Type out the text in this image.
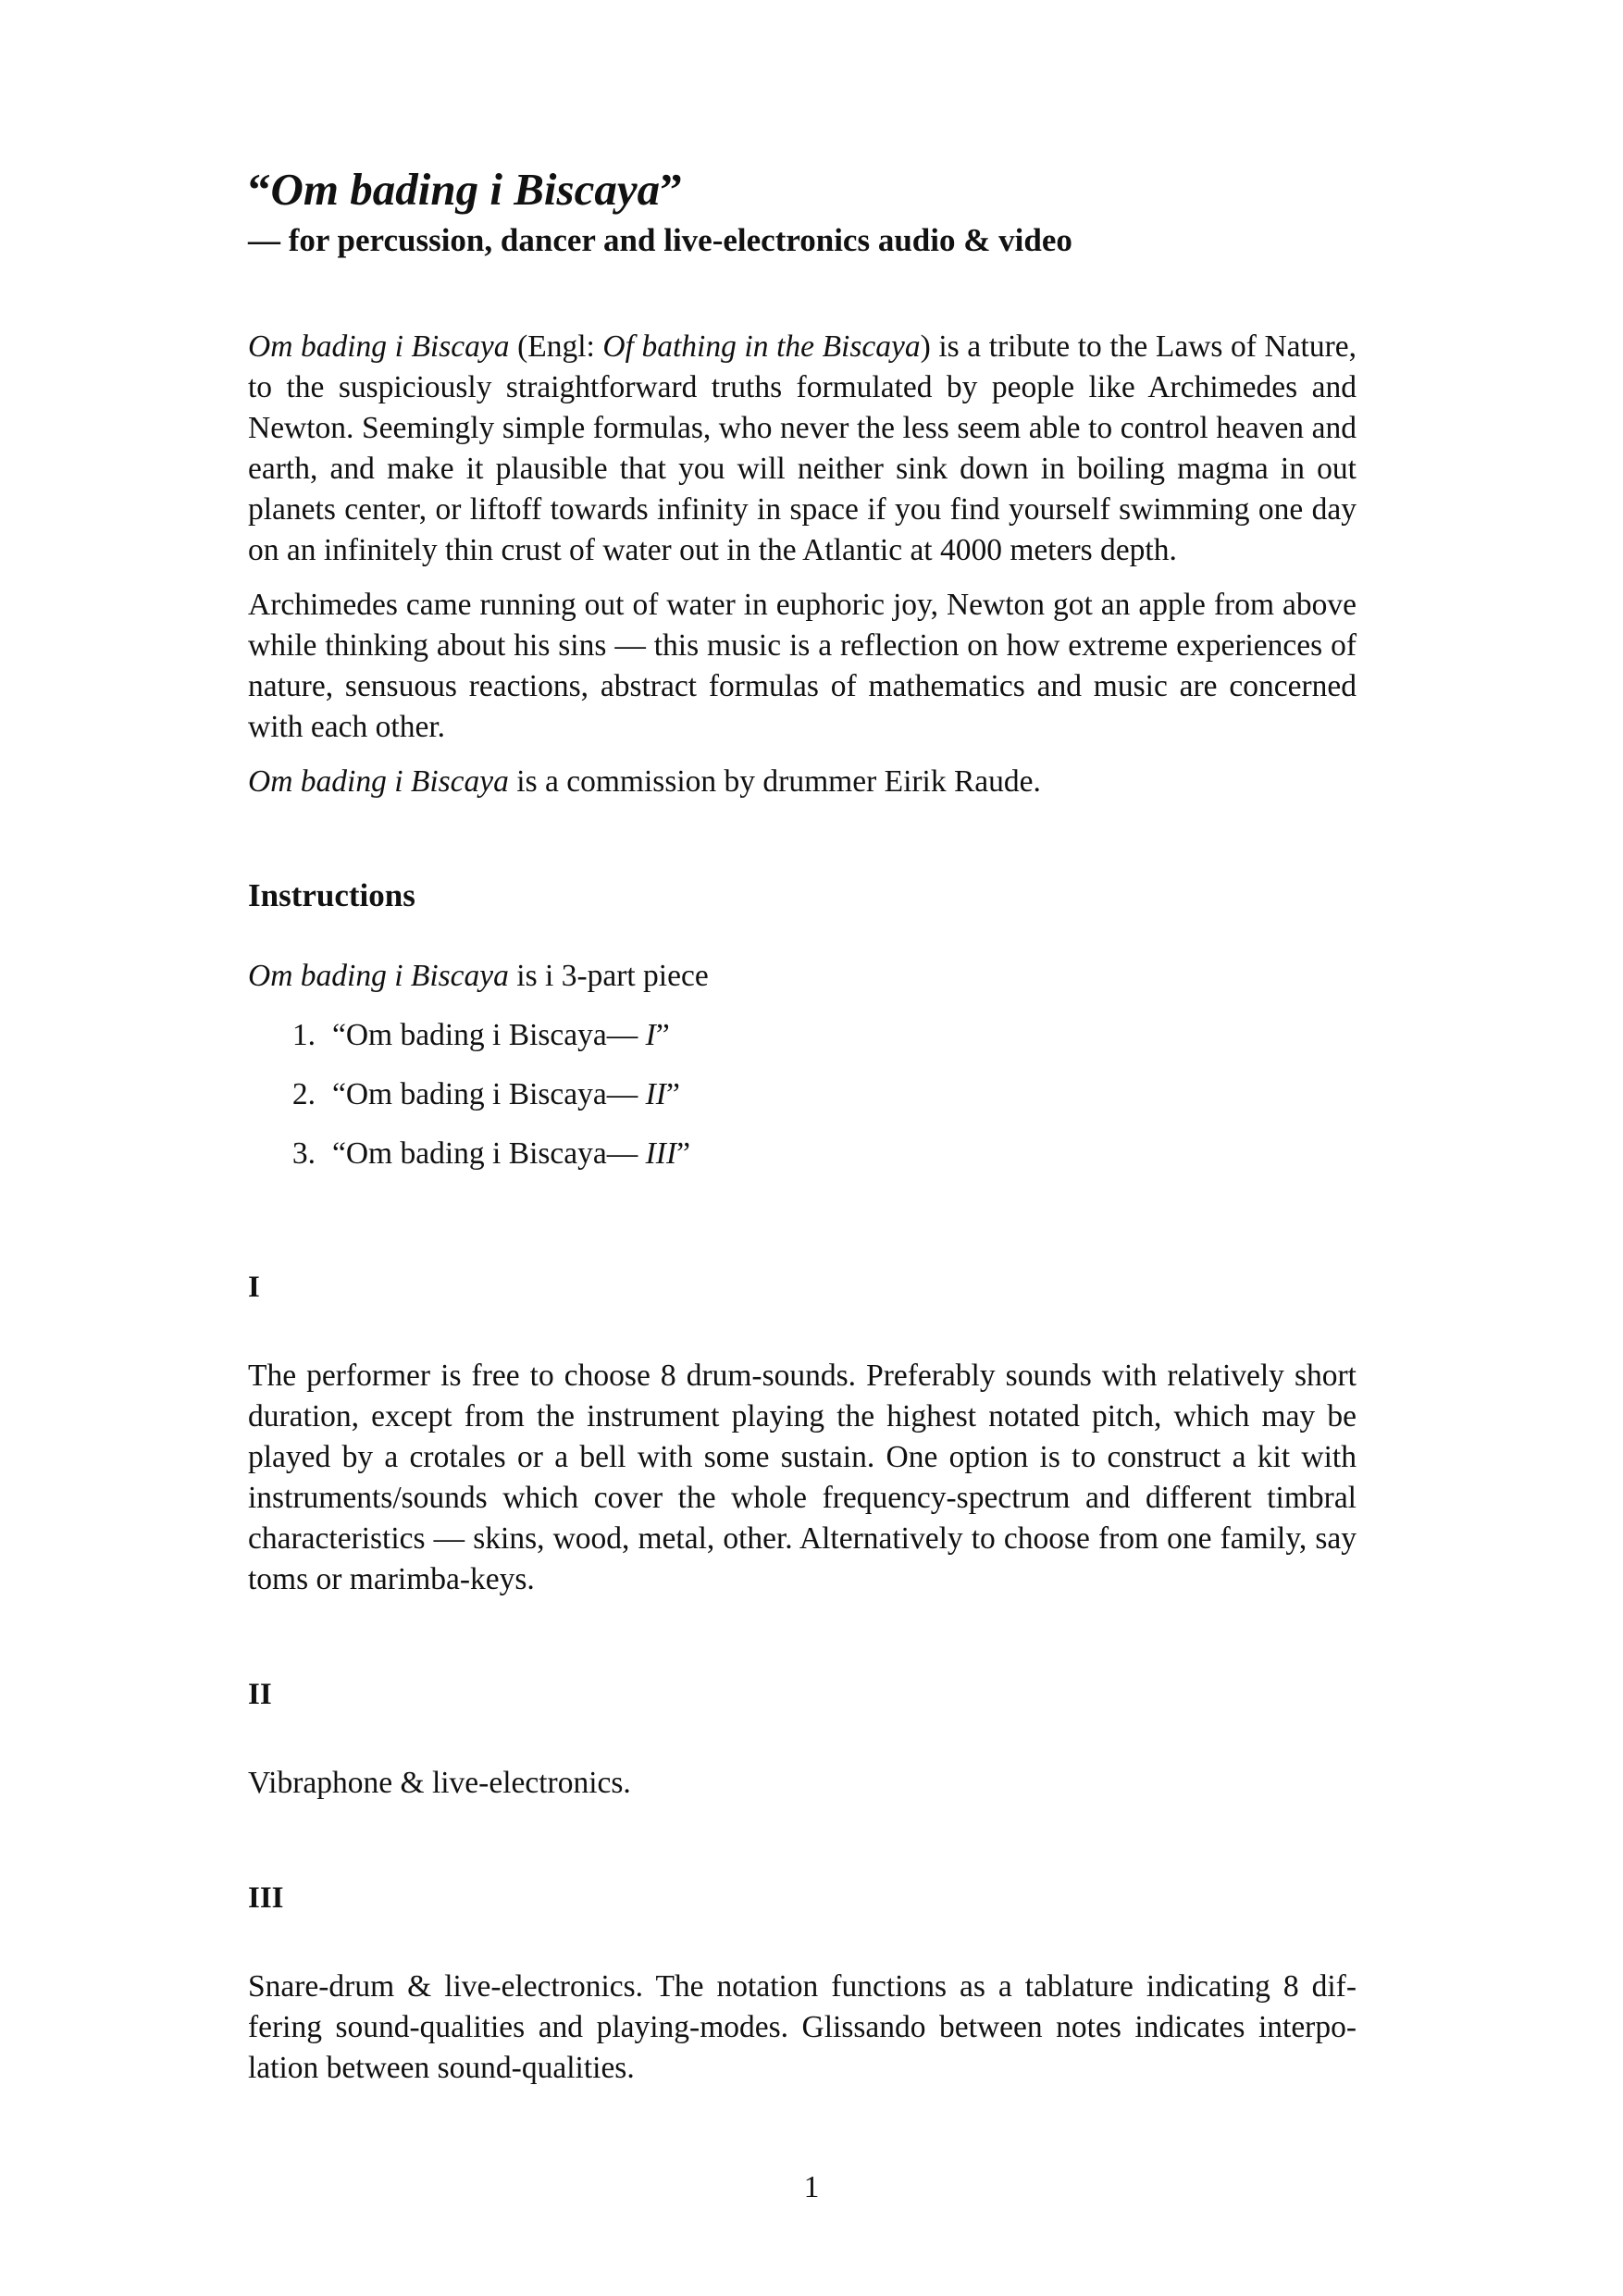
“Om bading i Biscaya”
— for percussion, dancer and live-electronics audio & video

Om bading i Biscaya (Engl: Of bathing in the Biscaya) is a tribute to the Laws of Nature, to the suspiciously straightforward truths formulated by people like Archimedes and Newton. Seemingly simple formulas, who never the less seem able to control heaven and earth, and make it plausible that you will neither sink down in boiling magma in out planets center, or liftoff towards infinity in space if you find yourself swimming one day on an infinitely thin crust of water out in the Atlantic at 4000 meters depth.

Archimedes came running out of water in euphoric joy, Newton got an apple from above while thinking about his sins — this music is a reflection on how extreme experiences of nature, sensuous reactions, abstract formulas of mathematics and music are concerned with each other.

Om bading i Biscaya is a commission by drummer Eirik Raude.

Instructions

Om bading i Biscaya is i 3-part piece

1. “Om bading i Biscaya— I”
2. “Om bading i Biscaya— II”
3. “Om bading i Biscaya— III”
I

The performer is free to choose 8 drum-sounds. Preferably sounds with relatively short duration, except from the instrument playing the highest notated pitch, which may be played by a crotales or a bell with some sustain. One option is to construct a kit with instruments/sounds which cover the whole frequency-spectrum and different timbral characteristics — skins, wood, metal, other. Alternatively to choose from one family, say toms or marimba-keys.

II

Vibraphone & live-electronics.

III

Snare-drum & live-electronics. The notation functions as a tablature indicating 8 differing sound-qualities and playing-modes. Glissando between notes indicates interpolation between sound-qualities.

1
